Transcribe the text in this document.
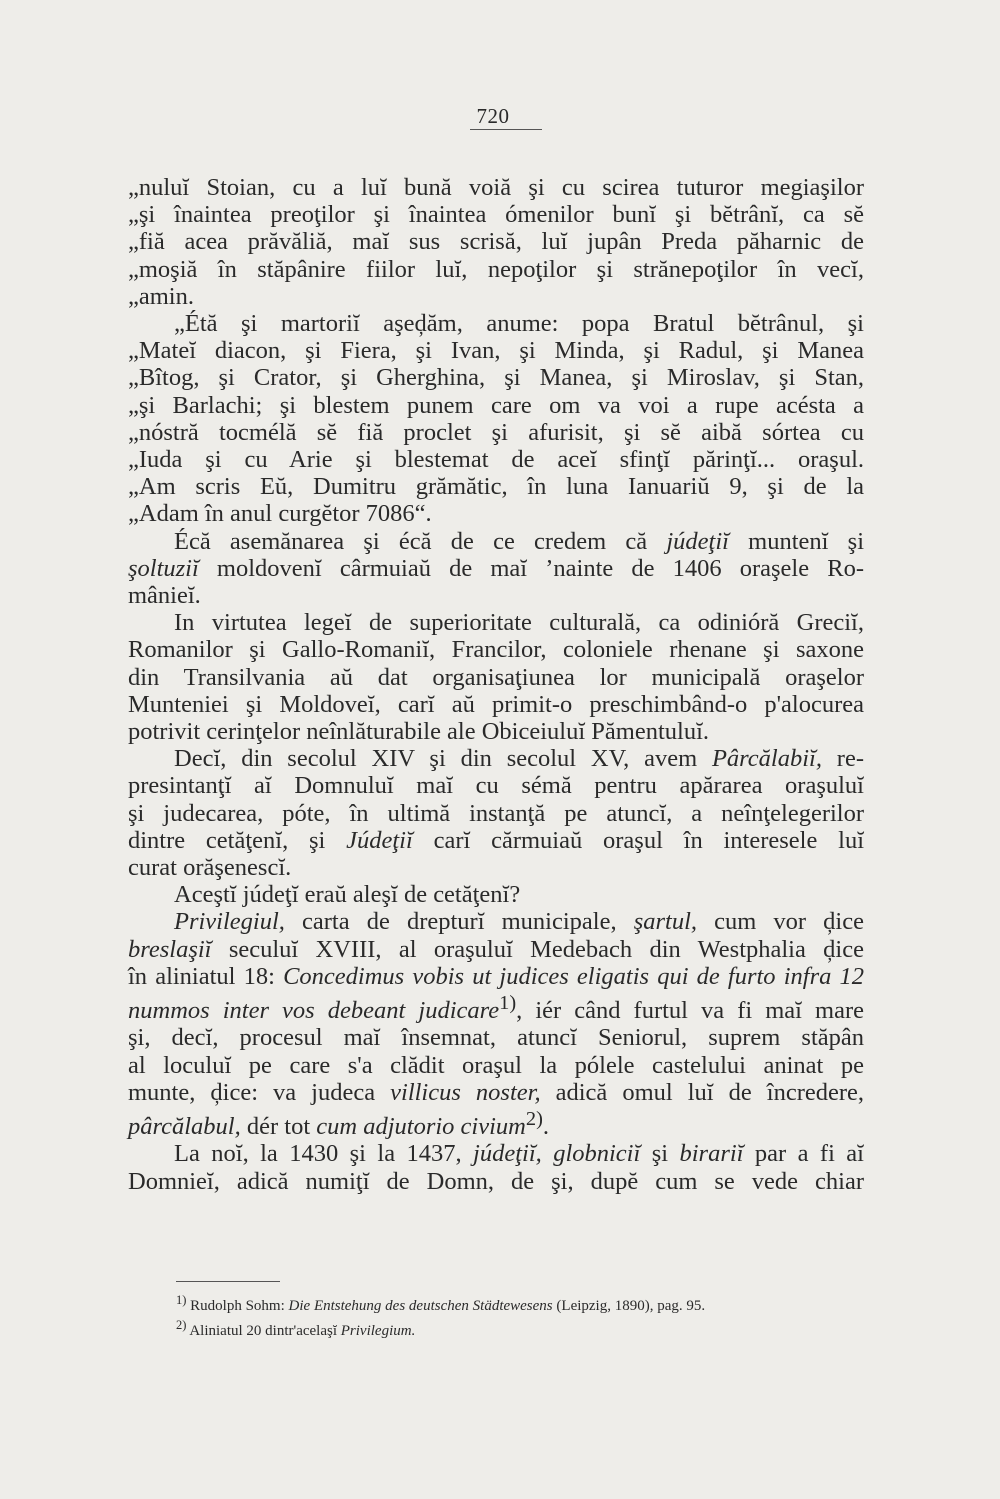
720

„nuluĭ Stoian, cu a luĭ bună voiă şi cu scirea tuturor megiaşilor

„şi înaintea preoţilor şi înaintea ómenilor bunĭ şi bĕtrânĭ, ca sĕ

„fiă acea prăvăliă, maĭ sus scrisă, luĭ jupân Preda păharnic de

„moşiă în stăpânire fiilor luĭ, nepoţilor şi strănepoţilor în vecĭ,

„amin.

„Étă şi martoriĭ aşeḑăm, anume: popa Bratul bĕtrânul, şi

„Mateĭ diacon, şi Fiera, şi Ivan, şi Minda, şi Radul, şi Manea

„Bîtog, şi Crator, şi Gherghina, şi Manea, şi Miroslav, şi Stan,

„şi Barlachi; şi blestem punem care om va voi a rupe acésta a

„nóstră tocmélă sĕ fiă proclet şi afurisit, şi sĕ aibă sórtea cu

„Iuda şi cu Arie şi blestemat de aceĭ sfinţĭ părinţĭ... oraşul.

„Am scris Eŭ, Dumitru grămătic, în luna Ianuariŭ 9, şi de la

„Adam în anul curgĕtor 7086“.

Écă asemănarea şi écă de ce credem că júdeţiĭ muntenĭ şi

şoltuziĭ moldovenĭ cârmuiaŭ de maĭ ’nainte de 1406 oraşele Ro-

mânieĭ.

In virtutea legeĭ de superioritate culturală, ca odinióră Greciĭ,

Romanilor şi Gallo-Romaniĭ, Francilor, coloniele rhenane şi saxone

din Transilvania aŭ dat organisaţiunea lor municipală oraşelor

Munteniei şi Moldoveĭ, carĭ aŭ primit-o preschimbând-o p'alocurea

potrivit cerinţelor neînlăturabile ale Obiceiuluĭ Pămentuluĭ.

Decĭ, din secolul XIV şi din secolul XV, avem Pârcălabiĭ, re-

presintanţĭ aĭ Domnuluĭ maĭ cu sémă pentru apărarea oraşuluĭ

şi judecarea, póte, în ultimă instanţă pe atuncĭ, a neînţelegerilor

dintre cetăţenĭ, şi Júdeţiĭ carĭ cărmuiaŭ oraşul în interesele luĭ

curat orăşenescĭ.

Aceştĭ júdeţĭ eraŭ aleşĭ de cetăţenĭ?

Privilegiul, carta de drepturĭ municipale, şartul, cum vor ḑice

breslaşiĭ seculuĭ XVIII, al oraşuluĭ Medebach din Westphalia ḑice

în aliniatul 18: Concedimus vobis ut judices eligatis qui de furto infra 12

nummos inter vos debeant judicare$^{1)}$, iér când furtul va fi maĭ mare

şi, decĭ, procesul maĭ însemnat, atuncĭ Seniorul, suprem stăpân

al loculuĭ pe care s'a clădit oraşul la pólele castelului aninat pe

munte, ḑice: va judeca villicus noster, adică omul luĭ de încredere,

pârcălabul, dér tot cum adjutorio civium$^{2)}$.

La noĭ, la 1430 şi la 1437, júdeţiĭ, globniciĭ şi birariĭ par a fi aĭ

Domnieĭ, adică numiţĭ de Domn, de şi, dupĕ cum se vede chiar

$^{1)}$ Rudolph Sohm: Die Entstehung des deutschen Städtewesens (Leipzig, 1890), pag. 95.

$^{2)}$ Aliniatul 20 dintr'acelaşĭ Privilegium.
